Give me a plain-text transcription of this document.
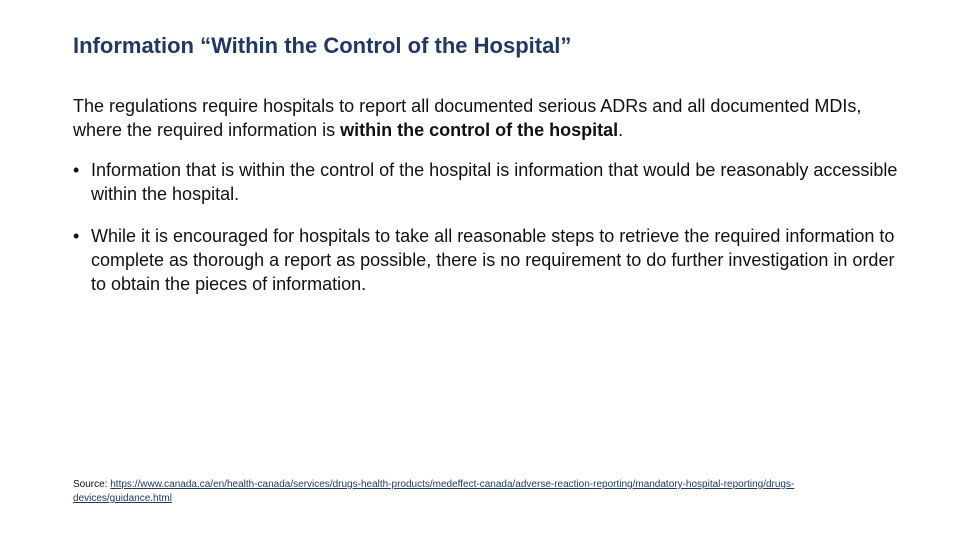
Information “Within the Control of the Hospital”

The regulations require hospitals to report all documented serious ADRs and all documented MDIs, where the required information is within the control of the hospital.

• Information that is within the control of the hospital is information that would be reasonably accessible within the hospital.
• While it is encouraged for hospitals to take all reasonable steps to retrieve the required information to complete as thorough a report as possible, there is no requirement to do further investigation in order to obtain the pieces of information.
Source: https://www.canada.ca/en/health-canada/services/drugs-health-products/medeffect-canada/adverse-reaction-reporting/mandatory-hospital-reporting/drugs-devices/guidance.html
